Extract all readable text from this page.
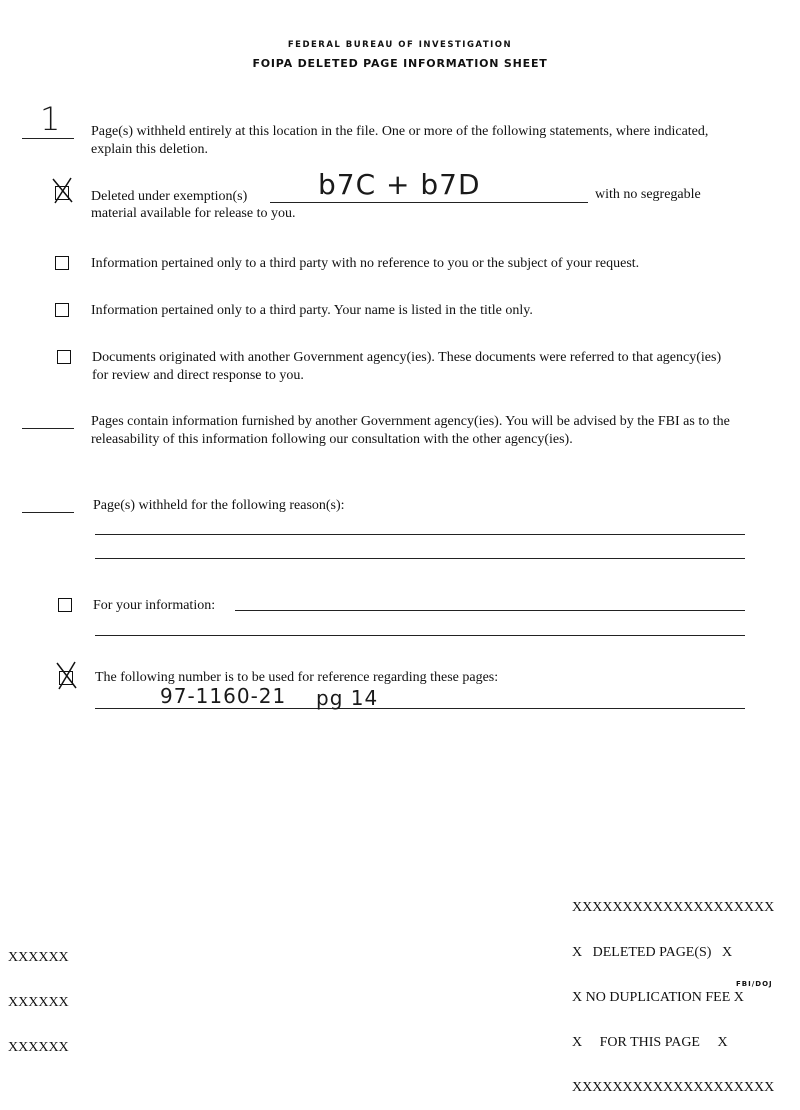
FEDERAL BUREAU OF INVESTIGATION
FOIPA DELETED PAGE INFORMATION SHEET
1 Page(s) withheld entirely at this location in the file. One or more of the following statements, where indicated, explain this deletion.
Deleted under exemption(s)	b7C + b7D	with no segregable
material available for release to you.
Information pertained only to a third party with no reference to you or the subject of your request.
Information pertained only to a third party. Your name is listed in the title only.
Documents originated with another Government agency(ies). These documents were referred to that agency(ies) for review and direct response to you.
Pages contain information furnished by another Government agency(ies). You will be advised by the FBI as to the releasability of this information following our consultation with the other agency(ies).
Page(s) withheld for the following reason(s):
For your information:
The following number is to be used for reference regarding these pages:
97-1160-21 pg 14

XXXXXXXXXXXXXXXXXXXX

X   DELETED PAGE(S)   X

X NO DUPLICATION FEE X

X     FOR THIS PAGE     X

XXXXXXXXXXXXXXXXXXXX

XXXXXX

XXXXXX

XXXXXX

FBI/DOJ
